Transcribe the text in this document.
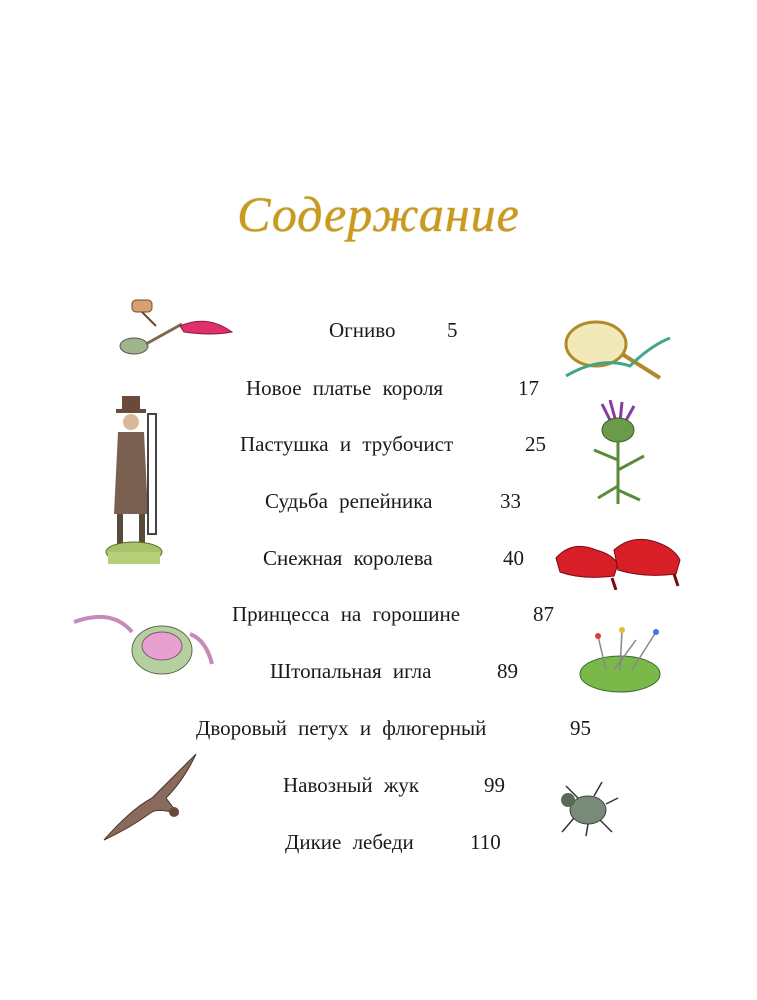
Содержание
Огниво 5
Новое платье короля	17
Пастушка и трубочист	25
Судьба репейника	33
Снежная королева	40
Принцесса на горошине	87
Штопальная игла	89
Дворовый петух и флюгерный	95
Навозный жук	99
Дикие лебеди	110
